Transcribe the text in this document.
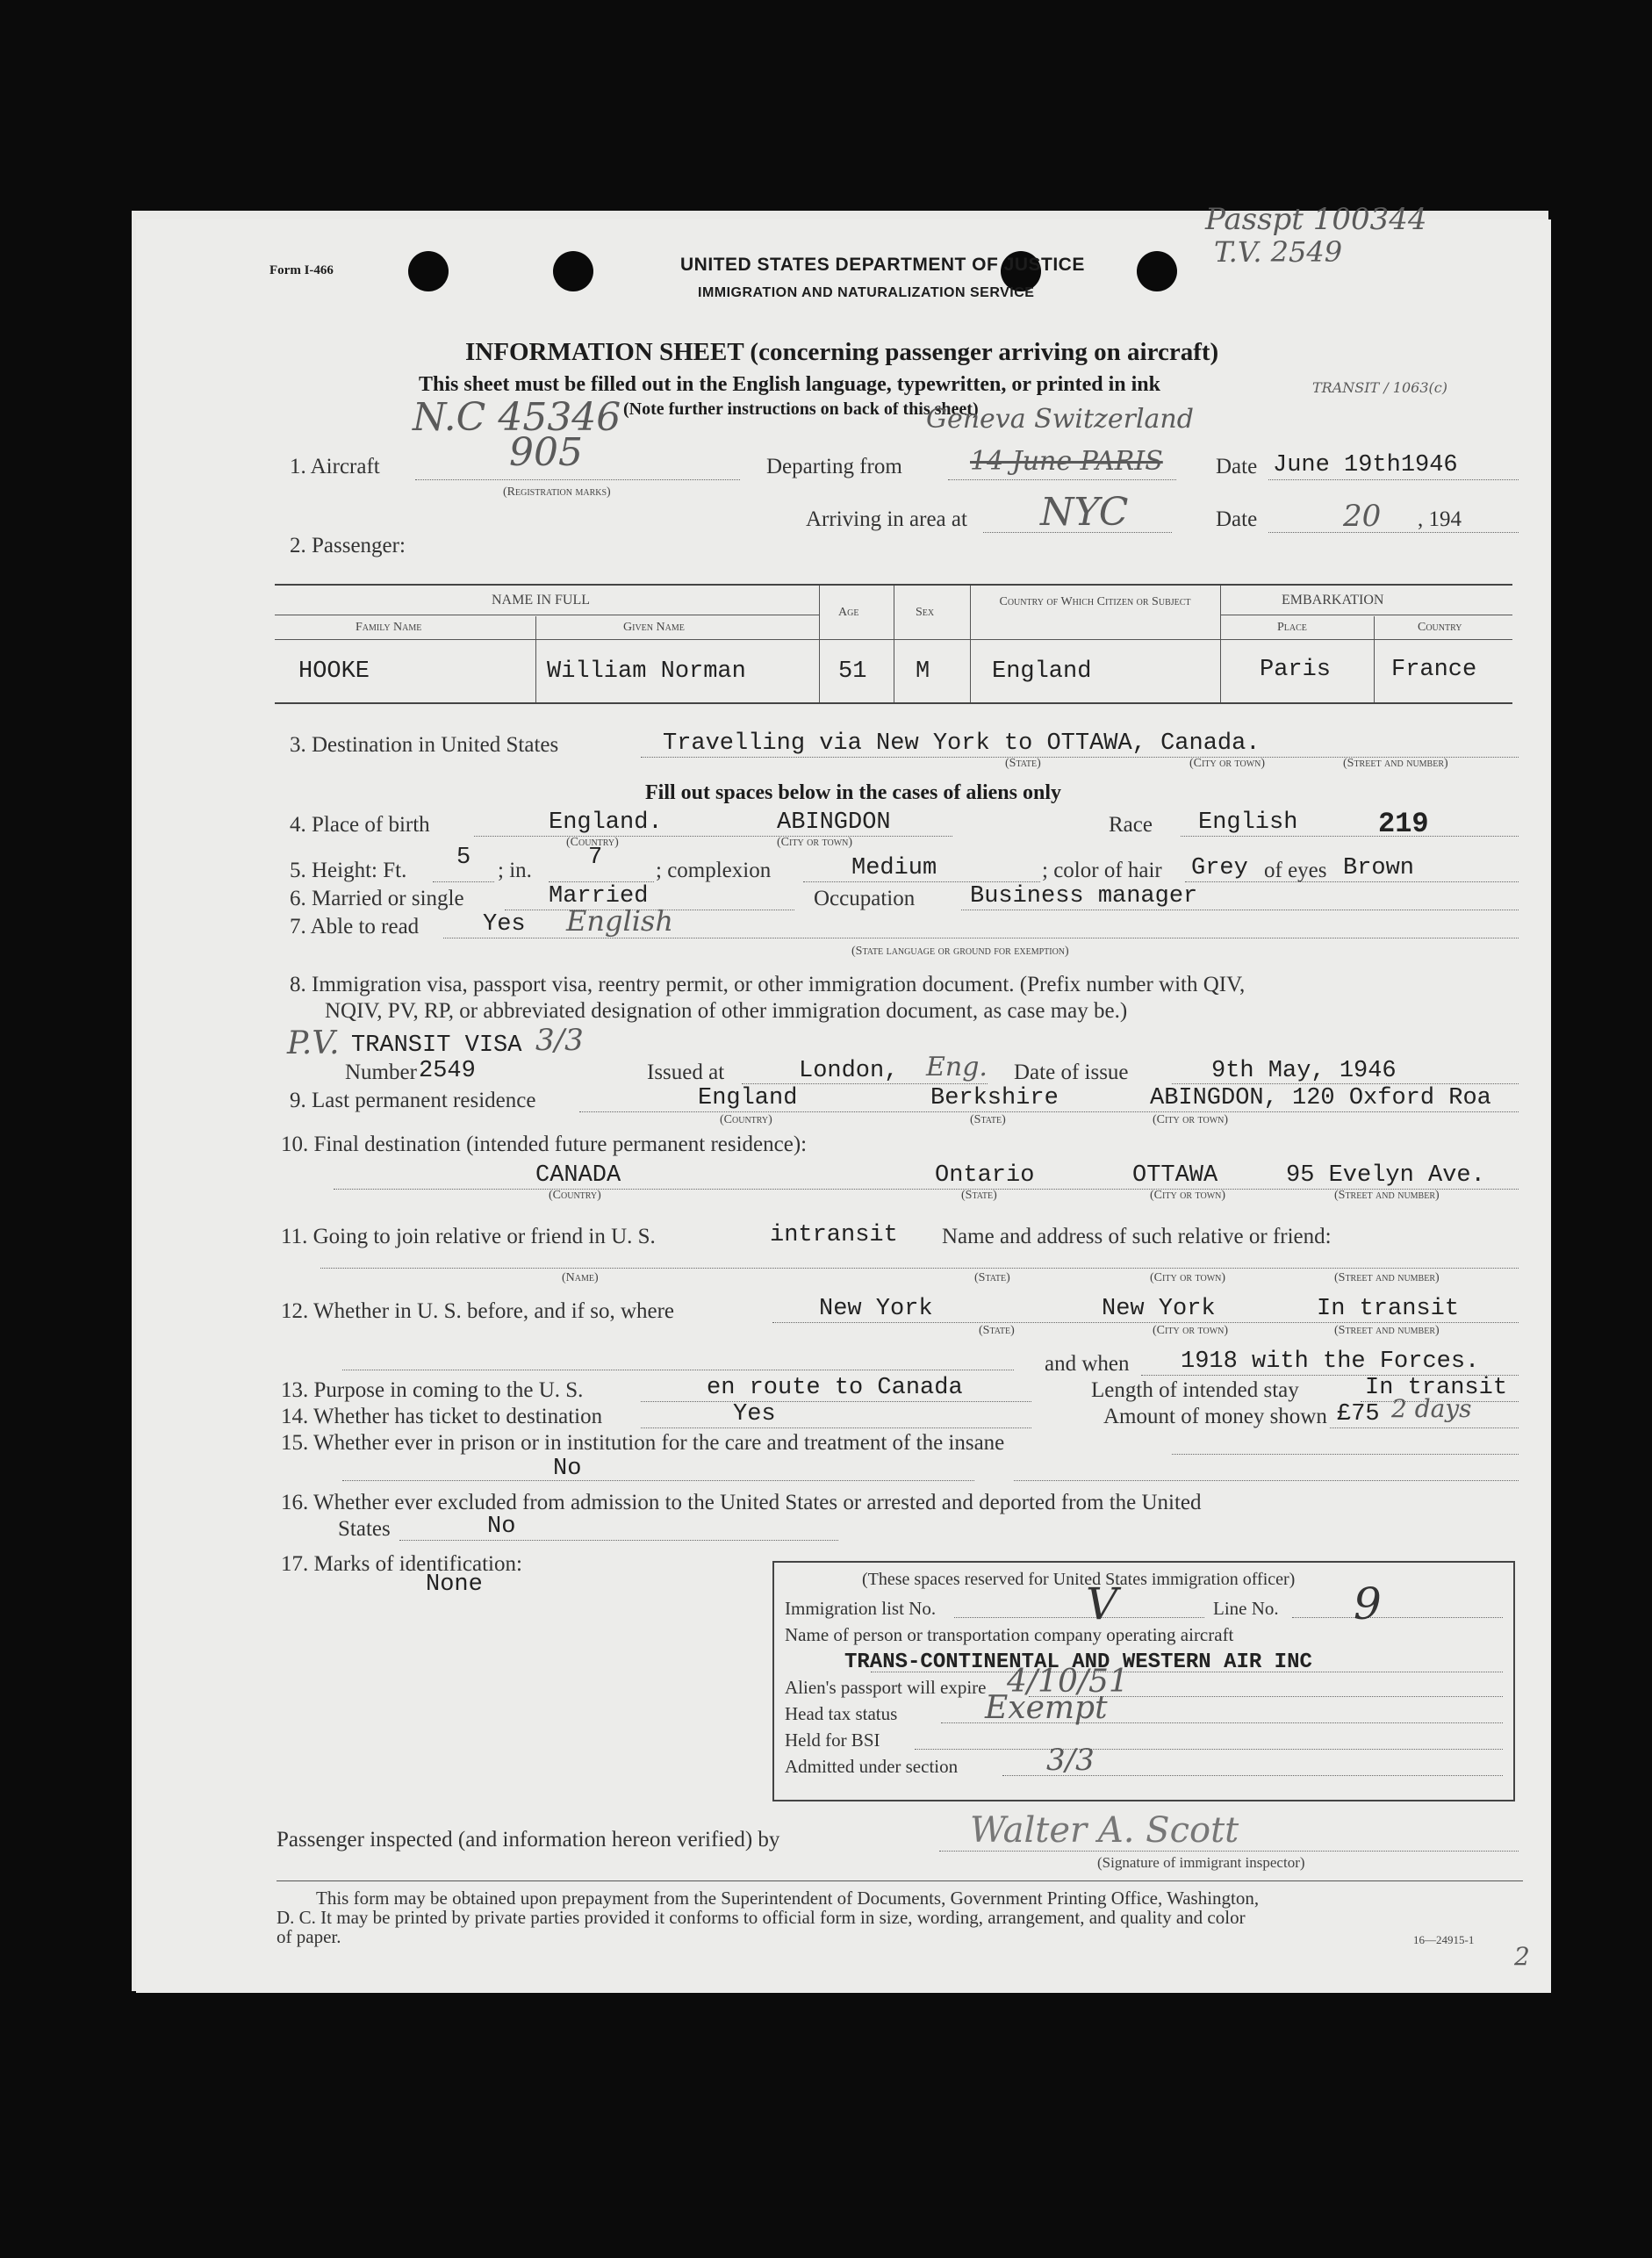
Form I-466	UNITED STATES DEPARTMENT OF JUSTICE
IMMIGRATION AND NATURALIZATION SERVICE
Passpt 100344
T.V. 2549
INFORMATION SHEET (concerning passenger arriving on aircraft)
This sheet must be filled out in the English language, typewritten, or printed in ink
(Note further instructions on back of this sheet)
TRANSIT / 1063(c)
N.C 45346	Geneva Switzerland
1. Aircraft	905
(Registration marks)
Departing from	14 June PARIS Date June 19th1946
Arriving in area at NYC	Date	20 , 194
2. Passenger:
NAME IN FULL
Family Name	Given Name
Age	Sex
Country of Which Citizen or Subject	EMBARKATION
Place	Country
HOOKE	William Norman	51 M	England	Paris	France
3. Destination in United States	Travelling via New York to OTTAWA, Canada.
(State)	(City or town)	(Street and number)
Fill out spaces below in the cases of aliens only
4. Place of birth	England.	ABINGDON
(Country)	(City or town)
Race English	219
5. Height: Ft. 5 ; in. 7 ; complexion	Medium	; color of hair Grey of eyes Brown
6. Married or single	Married	Occupation Business manager
7. Able to read	Yes English
(State language or ground for exemption)
8. Immigration visa, passport visa, reentry permit, or other immigration document. (Prefix number with QIV,
NQIV, PV, RP, or abbreviated designation of other immigration document, as case may be.)
P.V. TRANSIT VISA 3/3
Number 2549	Issued at	London, Eng. Date of issue	9th May, 1946
9. Last permanent residence	England	Berkshire	ABINGDON, 120 Oxford Roa
(Country)	(State)	(City or town)
10. Final destination (intended future permanent residence):
CANADA	Ontario	OTTAWA	95 Evelyn Ave.
(Country)	(State)	(City or town)	(Street and number)
11. Going to join relative or friend in U. S.	intransit Name and address of such relative or friend:
(Name)	(State)	(City or town)	(Street and number)
12. Whether in U. S. before, and if so, where	New York	New York	In transit
(State)	(City or town)	(Street and number)
and when 1918 with the Forces.
13. Purpose in coming to the U. S.	en route to Canada	Length of intended stay	In transit
14. Whether has ticket to destination	Yes	Amount of money shown £75 2 days
15. Whether ever in prison or in institution for the care and treatment of the insane
No
16. Whether ever excluded from admission to the United States or arrested and deported from the United
States	No
17. Marks of identification:
None	(These spaces reserved for United States immigration officer)
Immigration list No.	V	Line No. 9
Name of person or transportation company operating aircraft
TRANS-CONTINENTAL AND WESTERN AIR INC
Alien's passport will expire 4/10/51
Head tax status	Exempt
Held for BSI
Admitted under section	3/3
Passenger inspected (and information hereon verified) by	Walter A. Scott
(Signature of immigrant inspector)
This form may be obtained upon prepayment from the Superintendent of Documents, Government Printing Office, Washington,
D. C. It may be printed by private parties provided it conforms to official form in size, wording, arrangement, and quality and color
of paper.	16—24915-1
2
